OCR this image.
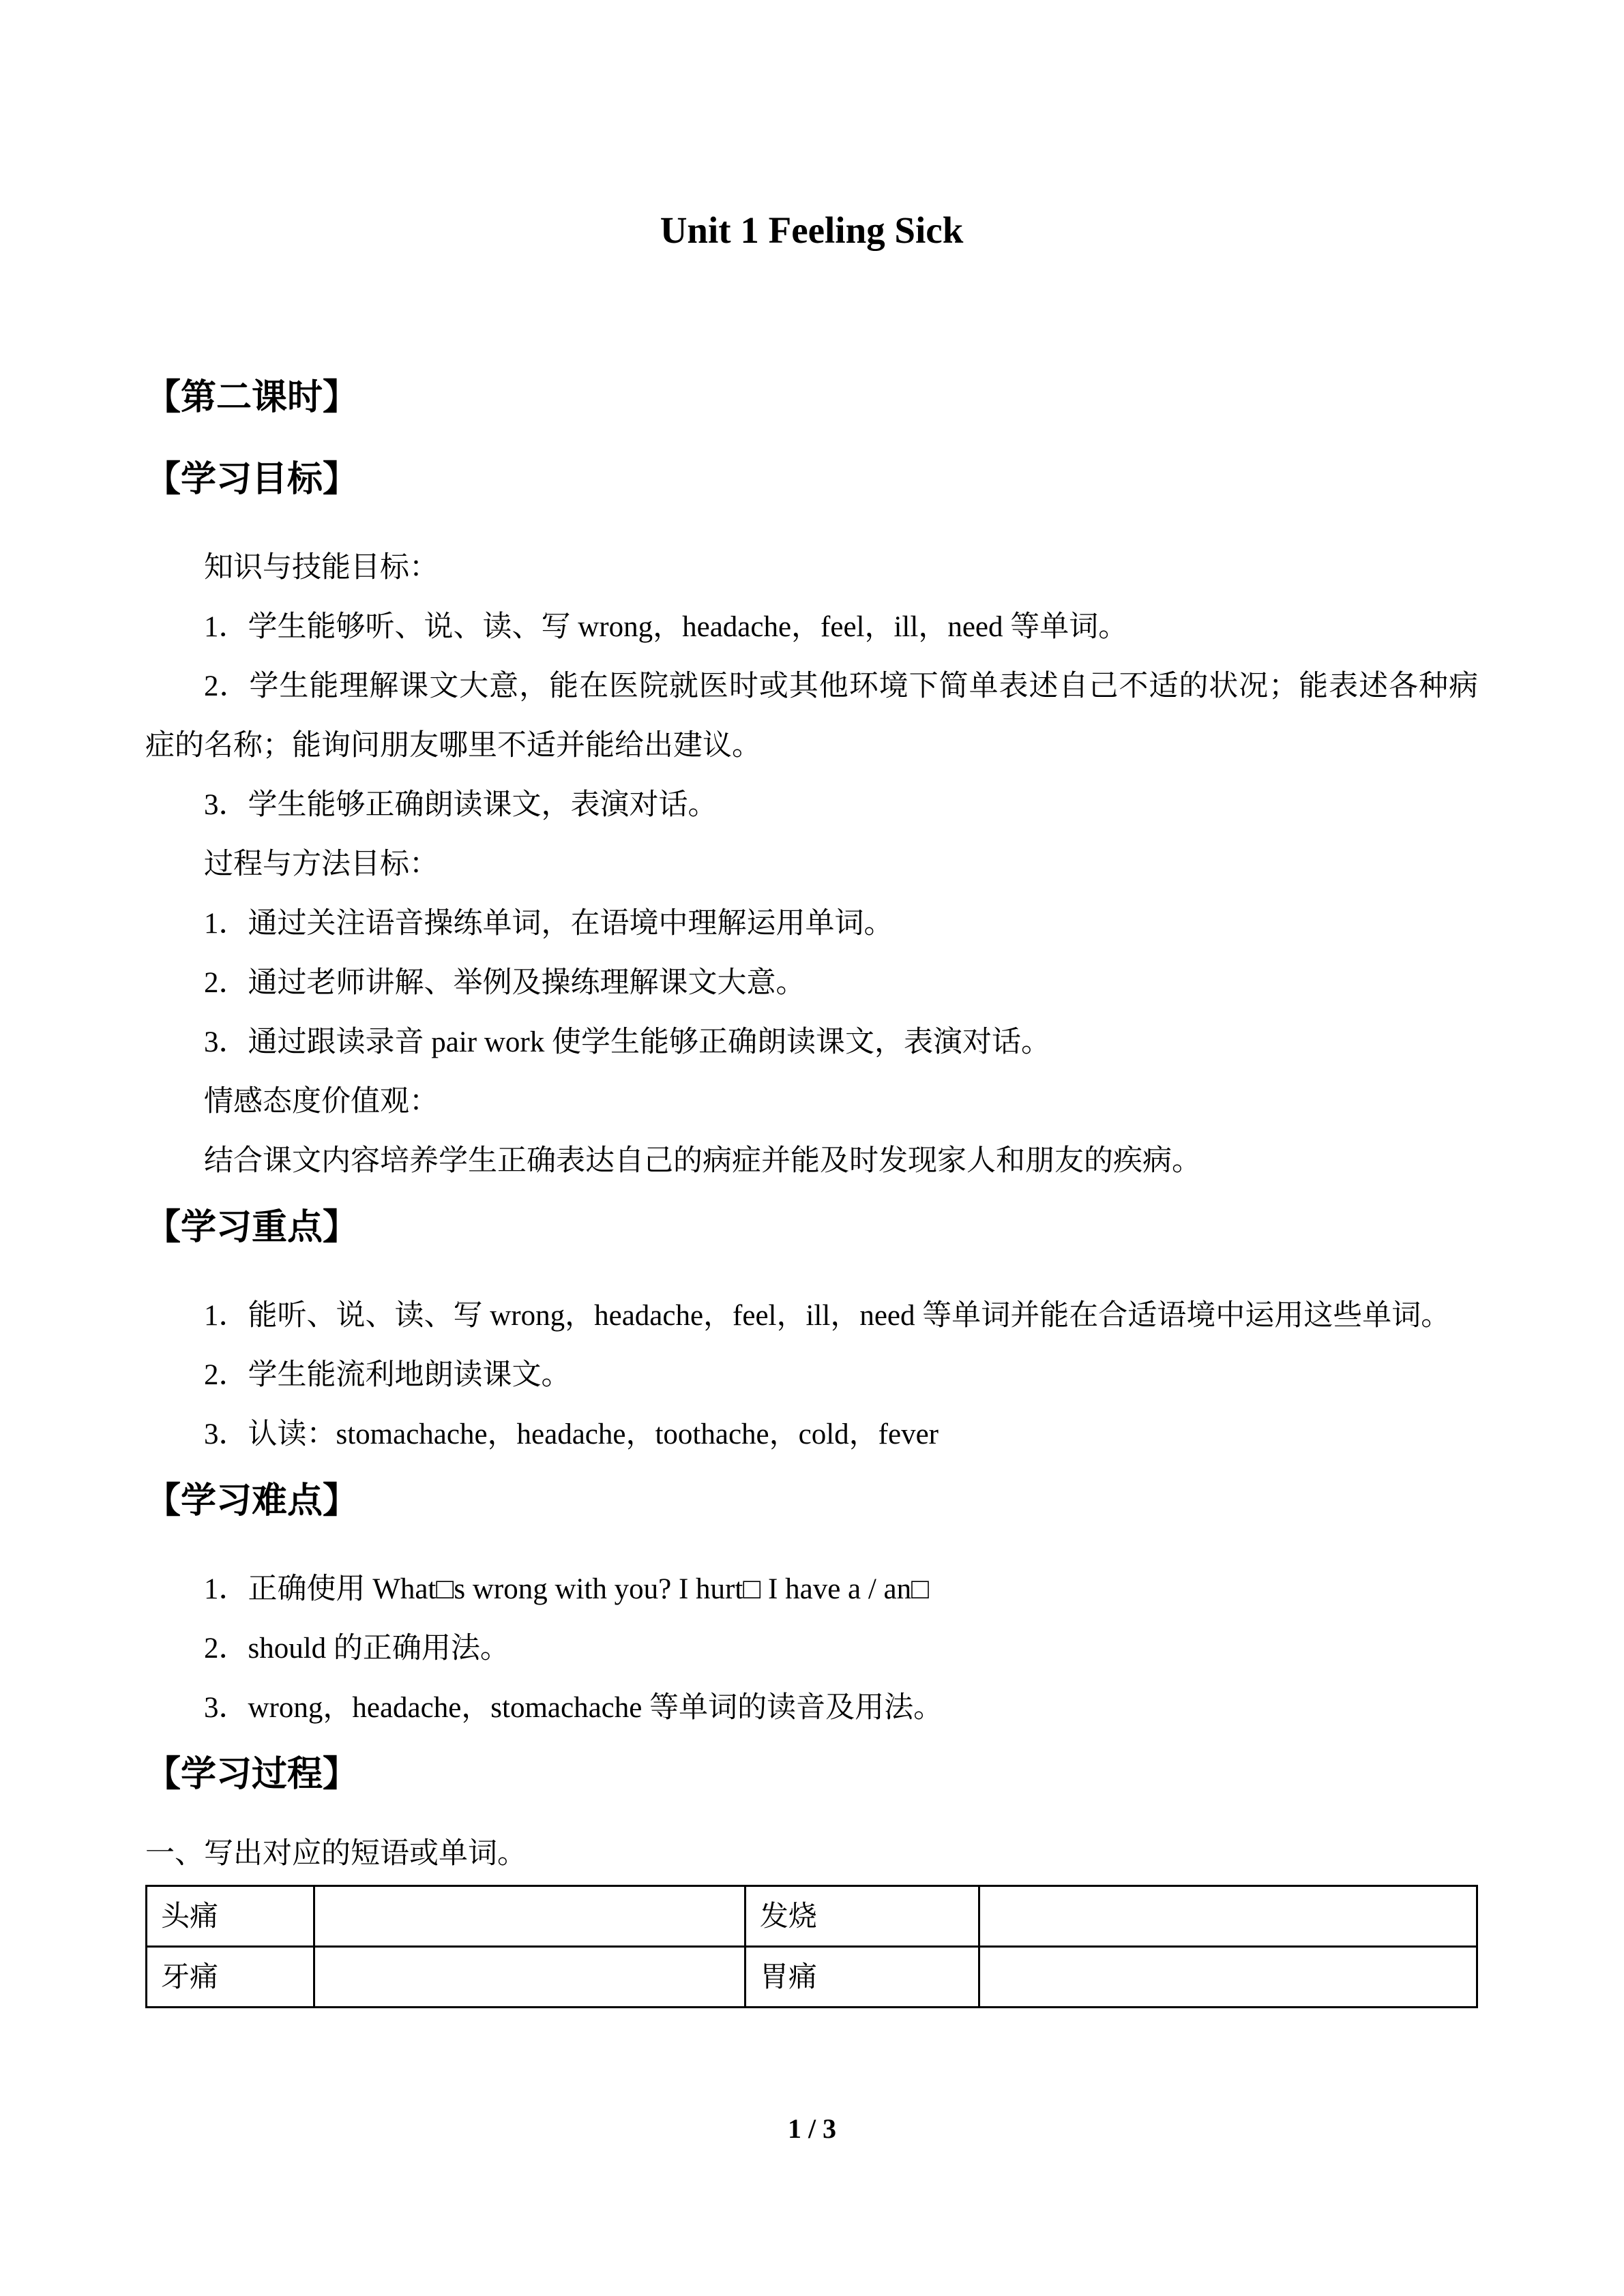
Unit 1 Feeling Sick
【第二课时】
【学习目标】

知识与技能目标：

1．学生能够听、说、读、写 wrong，headache，feel，ill，need 等单词。

2．学生能理解课文大意，能在医院就医时或其他环境下简单表述自己不适的状况；能表述各种病症的名称；能询问朋友哪里不适并能给出建议。

3．学生能够正确朗读课文，表演对话。

过程与方法目标：

1．通过关注语音操练单词，在语境中理解运用单词。

2．通过老师讲解、举例及操练理解课文大意。

3．通过跟读录音 pair work 使学生能够正确朗读课文，表演对话。

情感态度价值观：

结合课文内容培养学生正确表达自己的病症并能及时发现家人和朋友的疾病。

【学习重点】

1．能听、说、读、写 wrong，headache，feel，ill，need 等单词并能在合适语境中运用这些单词。

2．学生能流利地朗读课文。

3．认读：stomachache，headache，toothache，cold，fever

【学习难点】

1．正确使用 What□s wrong with you? I hurt□ I have a / an□

2．should 的正确用法。

3．wrong，headache，stomachache 等单词的读音及用法。

【学习过程】

一、写出对应的短语或单词。

头痛		发烧	
牙痛		胃痛	
1 / 3
